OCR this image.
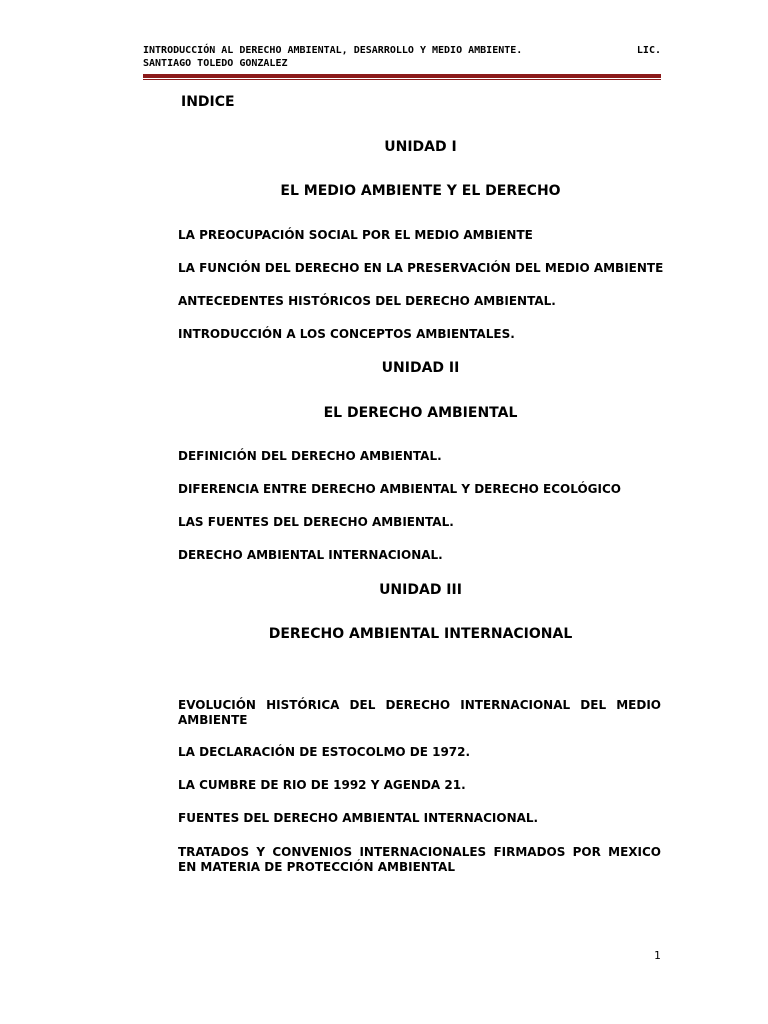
INTRODUCCIÓN AL DERECHO AMBIENTAL, DESARROLLO Y MEDIO AMBIENTE.	LIC.
SANTIAGO TOLEDO GONZALEZ
INDICE
UNIDAD I
EL MEDIO AMBIENTE Y EL DERECHO
LA PREOCUPACIÓN SOCIAL POR EL MEDIO AMBIENTE
LA FUNCIÓN DEL DERECHO EN LA PRESERVACIÓN DEL MEDIO AMBIENTE
ANTECEDENTES HISTÓRICOS DEL DERECHO AMBIENTAL.
INTRODUCCIÓN A LOS CONCEPTOS AMBIENTALES.
UNIDAD II
EL DERECHO AMBIENTAL
DEFINICIÓN DEL DERECHO AMBIENTAL.
DIFERENCIA ENTRE DERECHO AMBIENTAL Y DERECHO ECOLÓGICO
LAS FUENTES DEL DERECHO AMBIENTAL.
DERECHO AMBIENTAL INTERNACIONAL.
UNIDAD III
DERECHO AMBIENTAL INTERNACIONAL
EVOLUCIÓN HISTÓRICA DEL DERECHO INTERNACIONAL DEL MEDIO AMBIENTE
LA DECLARACIÓN DE ESTOCOLMO DE 1972.
LA CUMBRE DE RIO DE 1992 Y AGENDA 21.
FUENTES DEL DERECHO AMBIENTAL INTERNACIONAL.
TRATADOS Y CONVENIOS INTERNACIONALES FIRMADOS POR MEXICO EN MATERIA DE PROTECCIÓN AMBIENTAL
1
